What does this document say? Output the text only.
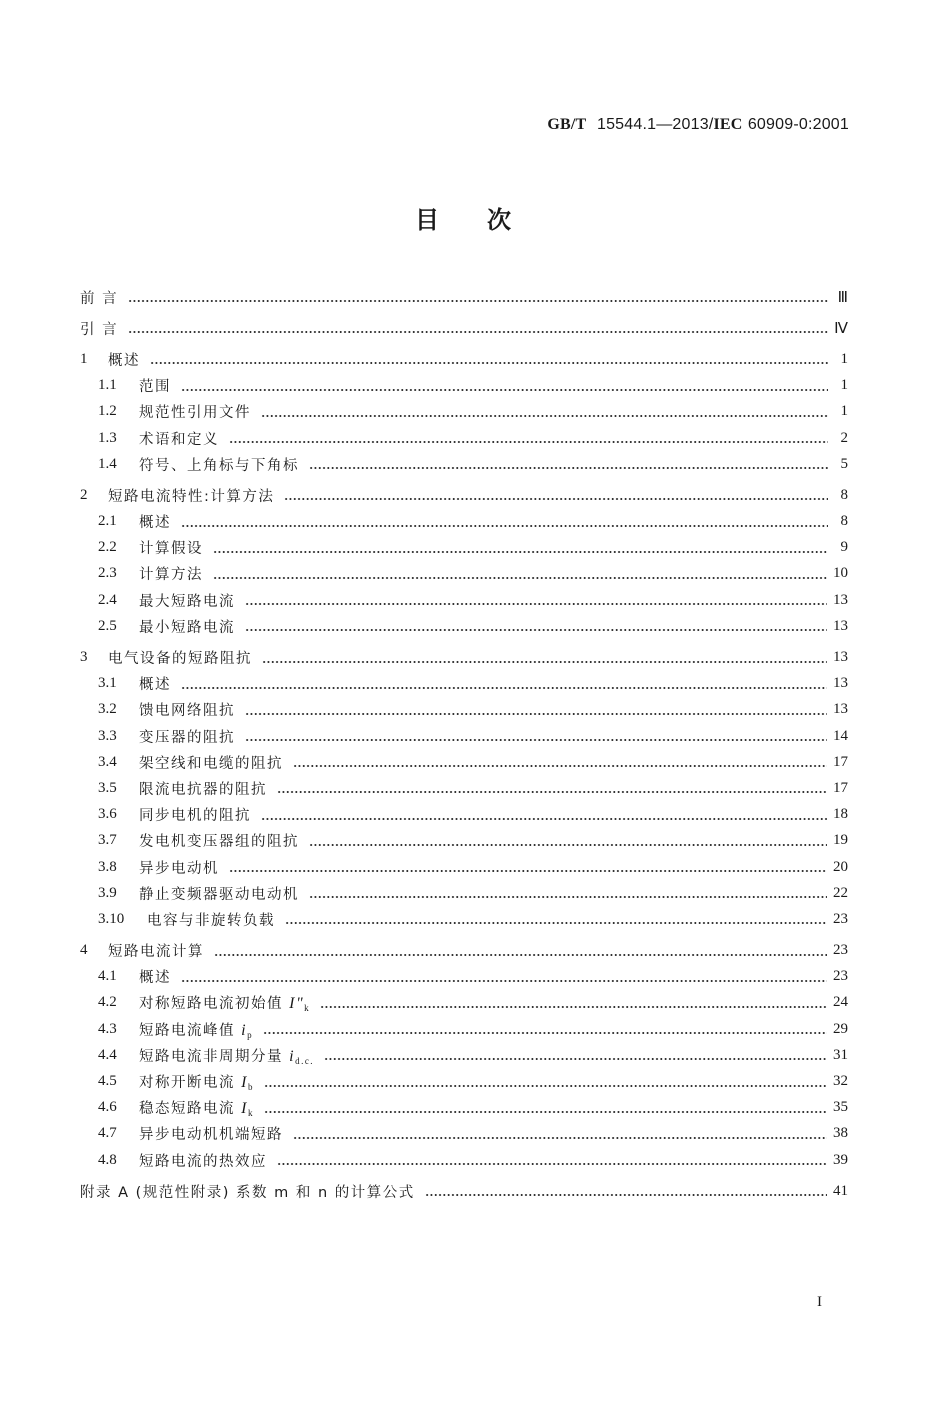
GB/T 15544.1—2013/IEC 60909-0:2001
目次
前 言	Ⅲ
引 言	Ⅳ
1	概述	1
1.1	范围	1
1.2	规范性引用文件	1
1.3	术语和定义	2
1.4	符号、上角标与下角标	5
2	短路电流特性:计算方法	8
2.1	概述	8
2.2	计算假设	9
2.3	计算方法	10
2.4	最大短路电流	13
2.5	最小短路电流	13
3	电气设备的短路阻抗	13
3.1	概述	13
3.2	馈电网络阻抗	13
3.3	变压器的阻抗	14
3.4	架空线和电缆的阻抗	17
3.5	限流电抗器的阻抗	17
3.6	同步电机的阻抗	18
3.7	发电机变压器组的阻抗	19
3.8	异步电动机	20
3.9	静止变频器驱动电动机	22
3.10	电容与非旋转负载	23
4	短路电流计算	23
4.1	概述	23
4.2	对称短路电流初始值 $I"_k$	24
4.3	短路电流峰值 $i_p$	29
4.4	短路电流非周期分量 $i_{d.c.}$	31
4.5	对称开断电流 $I_b$	32
4.6	稳态短路电流 $I_k$	35
4.7	异步电动机机端短路	38
4.8	短路电流的热效应	39
附录 A (规范性附录) 系数 m 和 n 的计算公式	41
I
